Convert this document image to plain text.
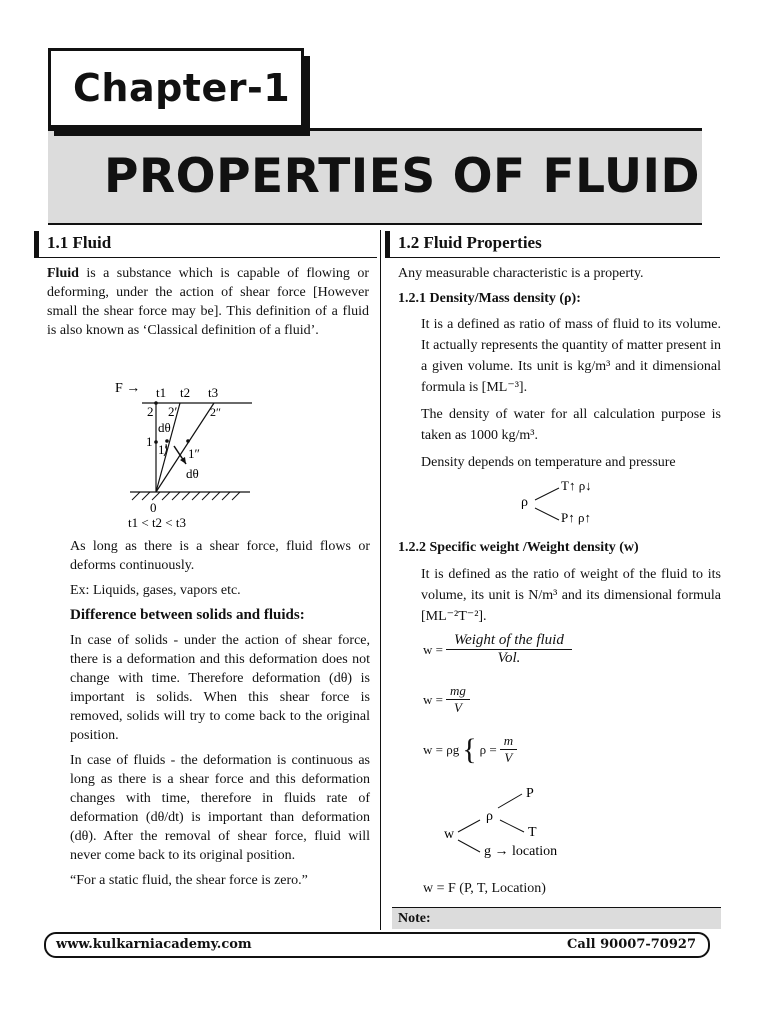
Chapter-1
PROPERTIES OF FLUID
1.1 Fluid

Fluid is a substance which is capable of flowing or deforming, under the action of shear force [However small the shear force may be]. This definition of a fluid is also known as ‘Classical definition of a fluid’.

F → t1 t2 t3
2 2′	2″
dθ
1
1′ 1″
dθ
0
t1 < t2 < t3

As long as there is a shear force, fluid flows or deforms continuously.

Ex: Liquids, gases, vapors etc.

Difference between solids and fluids:

In case of solids - under the action of shear force, there is a deformation and this deformation does not change with time. Therefore deformation (dθ) is important is solids. When this shear force is removed, solids will try to come back to the original position.

In case of fluids - the deformation is continuous as long as there is a shear force and this deformation changes with time, therefore in fluids rate of deformation (dθ/dt) is important than deformation (dθ). After the removal of shear force, fluid will never come back to its original position.

“For a static fluid, the shear force is zero.”

1.2 Fluid Properties

Any measurable characteristic is a property.

1.2.1 Density/Mass density (ρ):

It is a defined as ratio of mass of fluid to its volume. It actually represents the quantity of matter present in a given volume. Its unit is kg/m³ and it dimensional formula is [ML⁻³].

The density of water for all calculation purpose is taken as 1000 kg/m³.

Density depends on temperature and pressure

ρ
T↑ ρ↓
P↑ ρ↑

1.2.2 Specific weight /Weight density (w)

It is defined as the ratio of weight of the fluid to its volume, its unit is N/m³ and its dimensional formula [ML⁻²T⁻²].

$w = \frac{\text{Weight of the fluid}}{\text{Vol.}}$
$w = \frac{mg}{V}$
w = ρg { $\rho = \frac{m}{V}$
w
ρ
P
T
g → location
w = F (P, T, Location)
Note:
www.kulkarniacademy.com	Call 90007-70927
